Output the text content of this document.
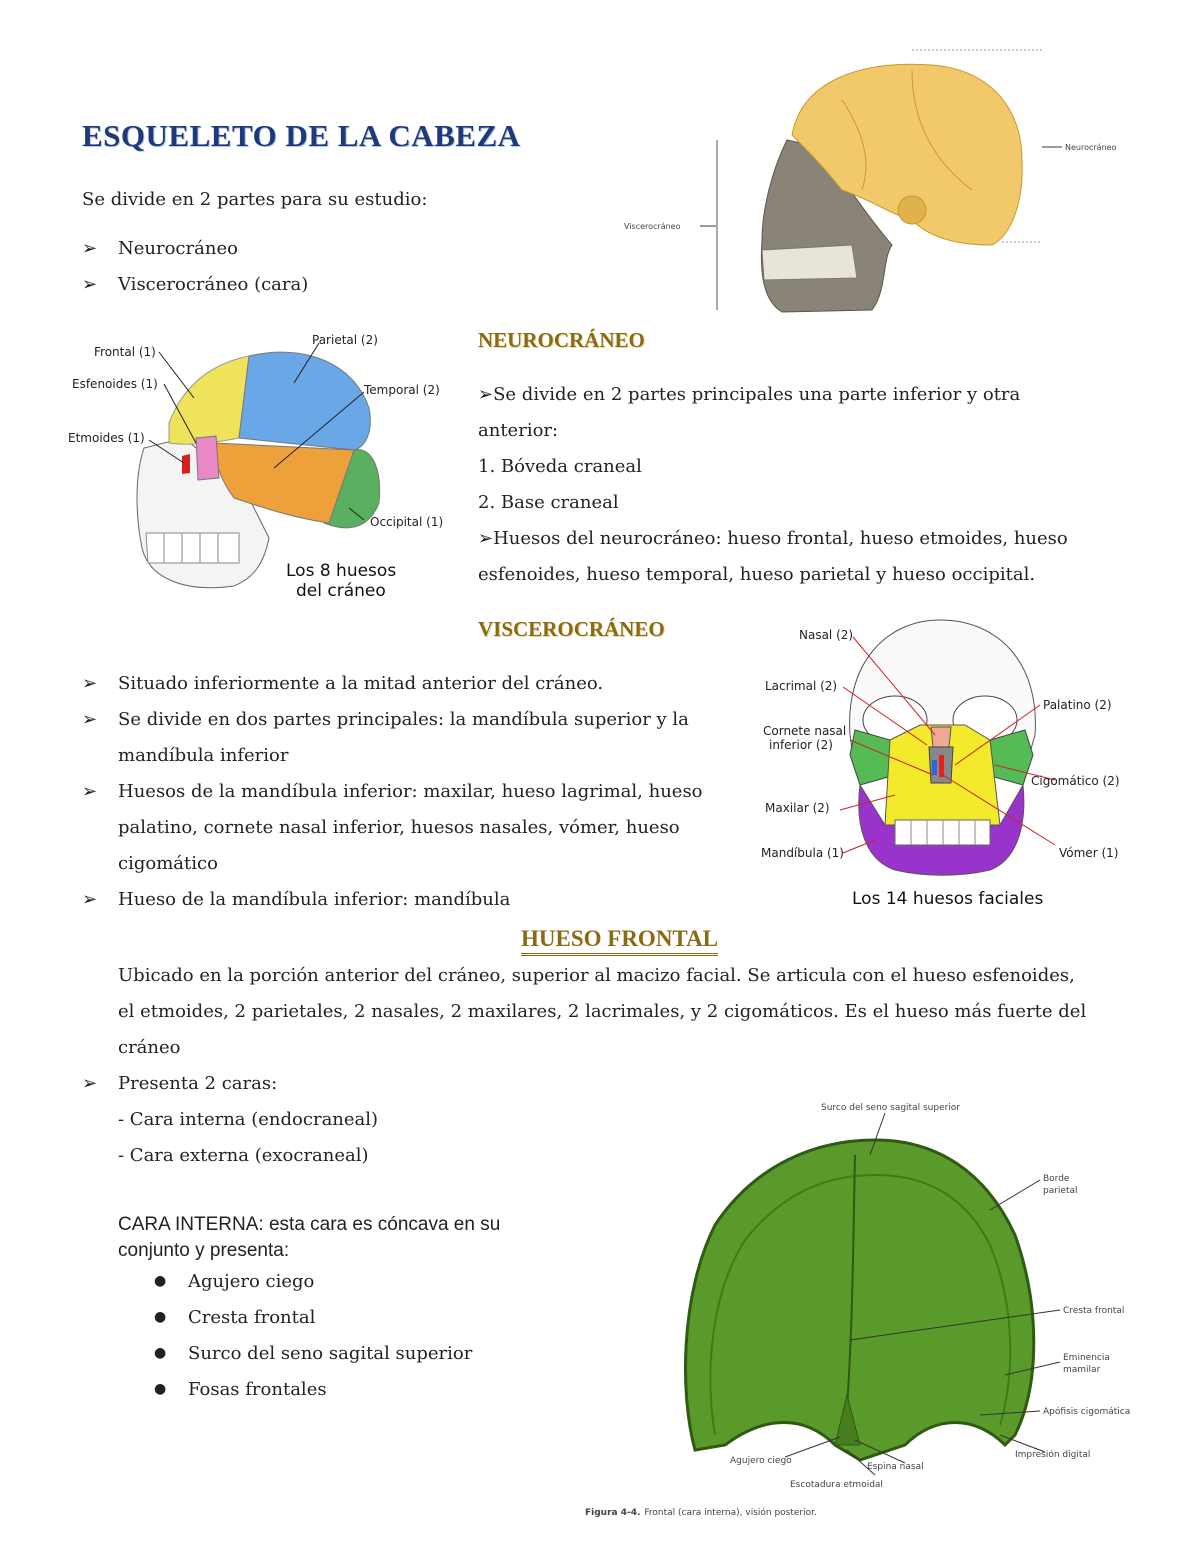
ESQUELETO DE LA CABEZA
Se divide en 2 partes para su estudio:
➢	Neurocráneo
➢	Viscerocráneo (cara)
Neurocráneo
Viscerocráneo
Frontal (1)
Esfenoides (1)
Etmoides (1)
Parietal (2)
Temporal (2)
Occipital (1)
Los 8 huesos
del cráneo
NEUROCRÁNEO
➢Se divide en 2 partes principales una parte inferior y otra
anterior:
1. Bóveda craneal
2. Base craneal
➢Huesos del neurocráneo: hueso frontal, hueso etmoides, hueso
esfenoides, hueso temporal, hueso parietal y hueso occipital.
VISCEROCRÁNEO
➢	Situado inferiormente a la mitad anterior del cráneo.
➢	Se divide en dos partes principales: la mandíbula superior y la
mandíbula inferior
➢	Huesos de la mandíbula inferior: maxilar, hueso lagrimal, hueso
palatino, cornete nasal inferior, huesos nasales, vómer, hueso
cigomático
➢	Hueso de la mandíbula inferior: mandíbula
Nasal (2)
Lacrimal (2)
Palatino (2)
Cornete nasal
inferior (2)
Cigomático (2)
Maxilar (2)
Mandíbula (1)	Vómer (1)
Los 14 huesos faciales
HUESO FRONTAL
Ubicado en la porción anterior del cráneo, superior al macizo facial. Se articula con el hueso esfenoides,
el etmoides, 2 parietales, 2 nasales, 2 maxilares, 2 lacrimales, y 2 cigomáticos. Es el hueso más fuerte del
cráneo
➢	Presenta 2 caras:
- Cara interna (endocraneal)
- Cara externa (exocraneal)
CARA INTERNA: esta cara es cóncava en su
conjunto y presenta:
●	Agujero ciego
●	Cresta frontal
●	Surco del seno sagital superior
●	Fosas frontales
Surco del seno sagital superior
Borde
parietal
Cresta frontal
Eminencia
mamilar
Apófisis cigomática
Impresión digital
Agujero ciego
Espina nasal
Escotadura etmoidal
Figura 4-4. Frontal (cara interna), visión posterior.
